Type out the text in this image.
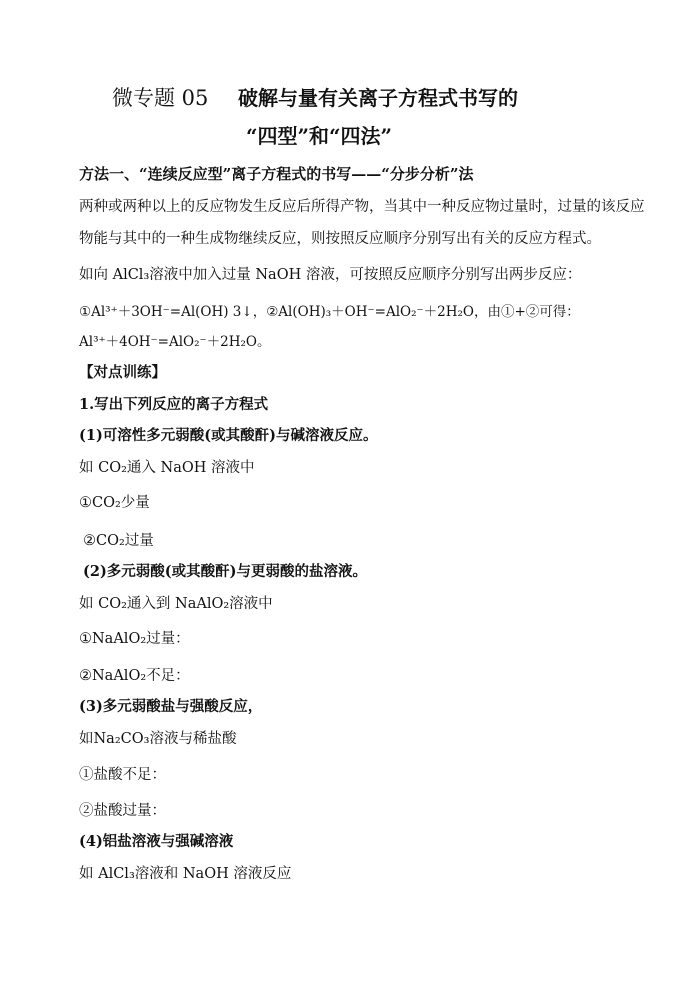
微专题 05 破解与量有关离子方程式书写的
“四型”和“四法”
方法一、“连续反应型”离子方程式的书写——“分步分析”法
两种或两种以上的反应物发生反应后所得产物，当其中一种反应物过量时，过量的该反应
物能与其中的一种生成物继续反应，则按照反应顺序分别写出有关的反应方程式。
如向 AlCl₃溶液中加入过量 NaOH 溶液，可按照反应顺序分别写出两步反应：
①Al³⁺＋3OH⁻=Al(OH) 3↓，②Al(OH)₃＋OH⁻=AlO₂⁻＋2H₂O，由①+②可得：
Al³⁺＋4OH⁻=AlO₂⁻＋2H₂O。
【对点训练】
1.写出下列反应的离子方程式
(1)可溶性多元弱酸(或其酸酐)与碱溶液反应。
如 CO₂通入 NaOH 溶液中
①CO₂少量
②CO₂过量
(2)多元弱酸(或其酸酐)与更弱酸的盐溶液。
如 CO₂通入到 NaAlO₂溶液中
①NaAlO₂过量：
②NaAlO₂不足：
(3)多元弱酸盐与强酸反应，
如Na₂CO₃溶液与稀盐酸
①盐酸不足：
②盐酸过量：
(4)铝盐溶液与强碱溶液
如 AlCl₃溶液和 NaOH 溶液反应
